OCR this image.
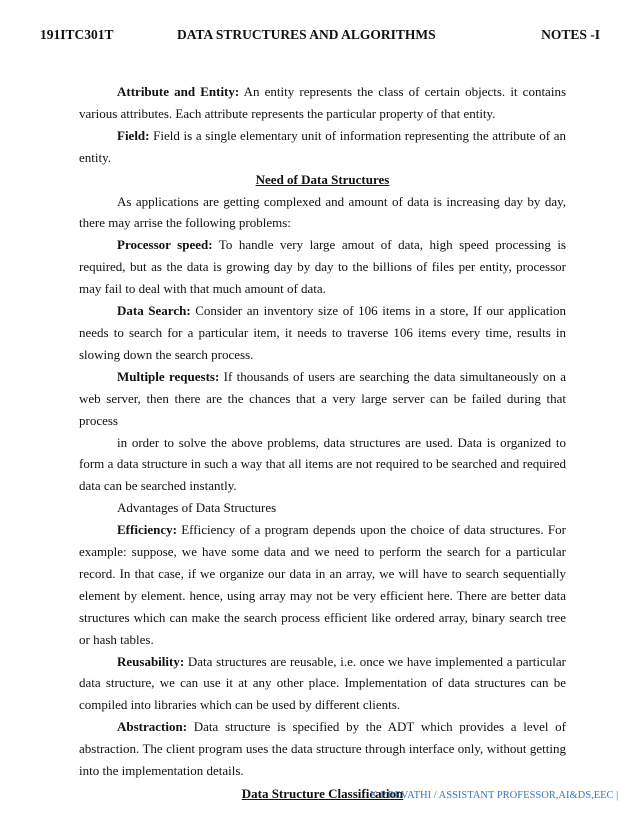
191ITC301T	DATA STRUCTURES AND ALGORITHMS	NOTES -I

Attribute and Entity: An entity represents the class of certain objects. it contains various attributes. Each attribute represents the particular property of that entity.

Field: Field is a single elementary unit of information representing the attribute of an entity.

Need of Data Structures

As applications are getting complexed and amount of data is increasing day by day, there may arrise the following problems:

Processor speed: To handle very large amout of data, high speed processing is required, but as the data is growing day by day to the billions of files per entity, processor may fail to deal with that much amount of data.

Data Search: Consider an inventory size of 106 items in a store, If our application needs to search for a particular item, it needs to traverse 106 items every time, results in slowing down the search process.

Multiple requests: If thousands of users are searching the data simultaneously on a web server, then there are the chances that a very large server can be failed during that process

in order to solve the above problems, data structures are used. Data is organized to form a data structure in such a way that all items are not required to be searched and required data can be searched instantly.

Advantages of Data Structures

Efficiency: Efficiency of a program depends upon the choice of data structures. For example: suppose, we have some data and we need to perform the search for a particular record. In that case, if we organize our data in an array, we will have to search sequentially element by element. hence, using array may not be very efficient here. There are better data structures which can make the search process efficient like ordered array, binary search tree or hash tables.

Reusability: Data structures are reusable, i.e. once we have implemented a particular data structure, we can use it at any other place. Implementation of data structures can be compiled into libraries which can be used by different clients.

Abstraction: Data structure is specified by the ADT which provides a level of abstraction. The client program uses the data structure through interface only, without getting into the implementation details.

Data Structure Classification

K.P.REVATHI / ASSISTANT PROFESSOR,AI&DS,EEC |
